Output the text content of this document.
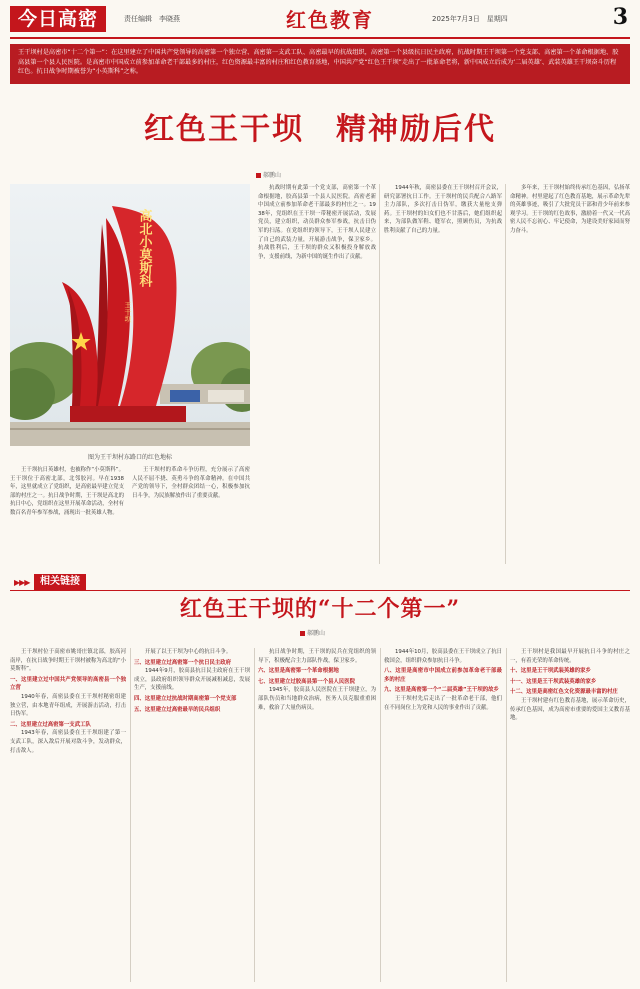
今日高密	责任编辑　李晓燕	红色教育	2025年7月3日　星期四	3
王干坝村是高密市“十二个第一”：在这里建立了中国共产党领导的高密第一个独立营、高密第一支武工队、高密最早的抗战组织，高密第一个县级抗日民主政府，抗战时期王干坝第一个党支部、高密第一个革命根据地、胶高县第一个县人民医院。是高密市中国成立前参加革命老干部最多的村庄，红色资源最丰富的村庄和红色教育基地，中国共产党“红色王干坝”走出了一批革命老将，新中国成立后成为‘二届英雄’、武装英雄王干坝奋斗历程红色。抗日战争时期被誉为“小英斯科”之称。
红色王干坝　精神励后代
郝鹏山
高北小莫斯科
王干坝
图为王干坝村东路口的红色地标

王干坝抗日英雄村，也被称作“小莫斯科”。王干坝位于高密北部，北邻胶河。早在1938年，这里就成立了党组织，是高密最早建立党支部的村庄之一。抗日战争时期，王干坝是高北的抗日中心，党组织在这里开展革命活动，全村有数百名青年参军参战，涌现出一批英雄人物。

王干坝村的革命斗争历程，充分展示了高密人民不屈不挠、英勇斗争的革命精神。在中国共产党的领导下，全村群众团结一心，积极参加抗日斗争，为民族解放作出了重要贡献。

抗战时期有此第一个党支部，高密第一个革命根据地，胶高县第一个县人民医院。高密老新中国成立前参加革命老干部最多的村庄之一。1938年，党组织在王干坝一带秘密开展活动，发展党员，建立组织，动员群众参军参战，抗击日伪军的扫荡。在党组织的领导下，王干坝人民建立了自己的武装力量，开展游击战争，保卫家乡。抗战胜利后，王干坝的群众又积极投身解放战争，支援前线，为新中国的诞生作出了贡献。

1944年秋，高密县委在王干坝村召开会议，研究部署抗日工作。王干坝村的民兵配合八路军主力部队，多次打击日伪军，缴获大量枪支弹药。王干坝村的妇女们也不甘落后，她们组织起来，为部队做军鞋、缝军衣，照顾伤员，为抗战胜利贡献了自己的力量。

多年来，王干坝村始终传承红色基因，弘扬革命精神。村里建起了红色教育基地，展示革命先辈的英雄事迹，吸引了大批党员干部和青少年前来参观学习。王干坝的红色故事，激励着一代又一代高密人民不忘初心、牢记使命，为建设美好家园而努力奋斗。

▶▶▶	相关链接
红色王干坝的“十二个第一”
郝鹏山

王干坝村位于高密市姚哥庄镇北部，胶高河南岸，在抗日战争时期王干坝村被称为高北的“小莫斯科”。

一、这里建立过中国共产党领导的高密县一个独立营

1940年春，高密县委在王干坝村秘密组建独立营，由本地青年组成，开展游击活动，打击日伪军。

二、这里建立过高密第一支武工队

1943年春，高密县委在王干坝组建了第一支武工队，深入敌后开展对敌斗争，发动群众，打击敌人。

开展了以王干坝为中心的抗日斗争。

三、这里建立过高密第一个抗日民主政府

1944年9月，胶高县抗日民主政府在王干坝成立，县政府组织领导群众开展减租减息，发展生产，支援前线。

四、这里建立过抗战时期高密第一个党支部

五、这里建立过高密最早的民兵组织

抗日战争时期，王干坝的民兵在党组织的领导下，积极配合主力部队作战，保卫家乡。

六、这里是高密第一个革命根据地

七、这里建立过胶高县第一个县人民医院

1945年，胶高县人民医院在王干坝建立，为部队伤员和当地群众治病，医务人员克服重重困难，救治了大量伤病员。

1944年10月，胶高县委在王干坝成立了抗日救国会，组织群众参加抗日斗争。

八、这里是高密市中国成立前参加革命老干部最多的村庄

九、这里是高密第一个“二届英雄”王干坝的故乡

王干坝村先后走出了一批革命老干部，他们在不同岗位上为党和人民的事业作出了贡献。

王干坝村是我国最早开展抗日斗争的村庄之一，有着光荣的革命传统。

十、这里是王干坝武装英雄的家乡

十一、这里是王干坝武装英雄的家乡

十二、这里是高密红色文化资源最丰富的村庄

王干坝村建有红色教育基地，展示革命历史，传承红色基因，成为高密市重要的爱国主义教育基地。
